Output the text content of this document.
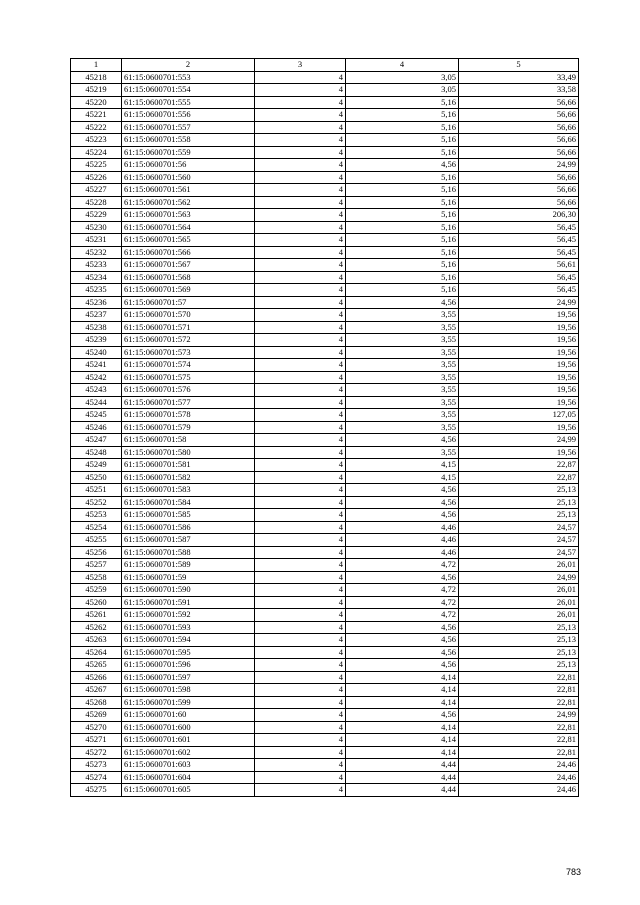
1	2	3	4	5
45218	61:15:0600701:553	4	3,05	33,49
45219	61:15:0600701:554	4	3,05	33,58
45220	61:15:0600701:555	4	5,16	56,66
45221	61:15:0600701:556	4	5,16	56,66
45222	61:15:0600701:557	4	5,16	56,66
45223	61:15:0600701:558	4	5,16	56,66
45224	61:15:0600701:559	4	5,16	56,66
45225	61:15:0600701:56	4	4,56	24,99
45226	61:15:0600701:560	4	5,16	56,66
45227	61:15:0600701:561	4	5,16	56,66
45228	61:15:0600701:562	4	5,16	56,66
45229	61:15:0600701:563	4	5,16	206,30
45230	61:15:0600701:564	4	5,16	56,45
45231	61:15:0600701:565	4	5,16	56,45
45232	61:15:0600701:566	4	5,16	56,45
45233	61:15:0600701:567	4	5,16	56,61
45234	61:15:0600701:568	4	5,16	56,45
45235	61:15:0600701:569	4	5,16	56,45
45236	61:15:0600701:57	4	4,56	24,99
45237	61:15:0600701:570	4	3,55	19,56
45238	61:15:0600701:571	4	3,55	19,56
45239	61:15:0600701:572	4	3,55	19,56
45240	61:15:0600701:573	4	3,55	19,56
45241	61:15:0600701:574	4	3,55	19,56
45242	61:15:0600701:575	4	3,55	19,56
45243	61:15:0600701:576	4	3,55	19,56
45244	61:15:0600701:577	4	3,55	19,56
45245	61:15:0600701:578	4	3,55	127,05
45246	61:15:0600701:579	4	3,55	19,56
45247	61:15:0600701:58	4	4,56	24,99
45248	61:15:0600701:580	4	3,55	19,56
45249	61:15:0600701:581	4	4,15	22,87
45250	61:15:0600701:582	4	4,15	22,87
45251	61:15:0600701:583	4	4,56	25,13
45252	61:15:0600701:584	4	4,56	25,13
45253	61:15:0600701:585	4	4,56	25,13
45254	61:15:0600701:586	4	4,46	24,57
45255	61:15:0600701:587	4	4,46	24,57
45256	61:15:0600701:588	4	4,46	24,57
45257	61:15:0600701:589	4	4,72	26,01
45258	61:15:0600701:59	4	4,56	24,99
45259	61:15:0600701:590	4	4,72	26,01
45260	61:15:0600701:591	4	4,72	26,01
45261	61:15:0600701:592	4	4,72	26,01
45262	61:15:0600701:593	4	4,56	25,13
45263	61:15:0600701:594	4	4,56	25,13
45264	61:15:0600701:595	4	4,56	25,13
45265	61:15:0600701:596	4	4,56	25,13
45266	61:15:0600701:597	4	4,14	22,81
45267	61:15:0600701:598	4	4,14	22,81
45268	61:15:0600701:599	4	4,14	22,81
45269	61:15:0600701:60	4	4,56	24,99
45270	61:15:0600701:600	4	4,14	22,81
45271	61:15:0600701:601	4	4,14	22,81
45272	61:15:0600701:602	4	4,14	22,81
45273	61:15:0600701:603	4	4,44	24,46
45274	61:15:0600701:604	4	4,44	24,46
45275	61:15:0600701:605	4	4,44	24,46
783
